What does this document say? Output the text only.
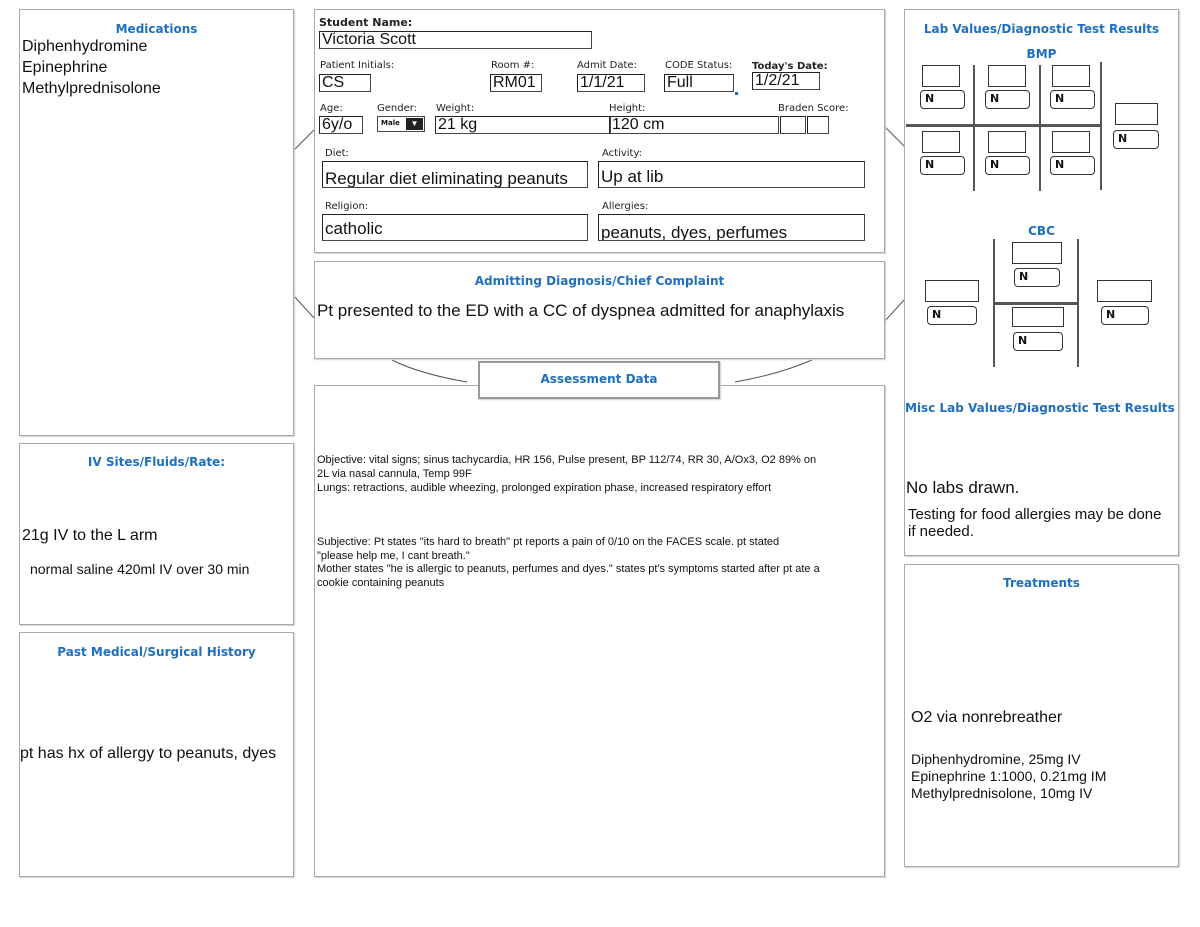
Medications
Diphenhydromine
Epinephrine
Methylprednisolone
IV Sites/Fluids/Rate:
21g IV to the L arm
normal saline 420ml IV over 30 min
Past Medical/Surgical History
pt has hx of allergy to peanuts, dyes
Student Name:
Victoria Scott
Patient Initials:
CS
Room #:
RM01
Admit Date:
1/1/21
CODE Status:
Full
Today's Date:
1/2/21
Age:
6y/o
Gender:
Male	▼
Weight:
21 kg
Height:
120 cm
Braden Score:
Diet:
Regular diet eliminating peanuts
Activity:
Up at lib
Religion:
catholic
Allergies:
peanuts, dyes, perfumes
Admitting Diagnosis/Chief Complaint
Pt presented to the ED with a CC of dyspnea admitted for anaphylaxis
Objective: vital signs; sinus tachycardia, HR 156, Pulse present, BP 112/74, RR 30, A/Ox3, O2 89% on
2L via nasal cannula, Temp 99F
Lungs: retractions, audible wheezing, prolonged expiration phase, increased respiratory effort
Subjective: Pt states "its hard to breath" pt reports a pain of 0/10 on the FACES scale. pt stated
"please help me, I cant breath."
Mother states "he is allergic to peanuts, perfumes and dyes." states pt's symptoms started after pt ate a
cookie containing peanuts
Assessment Data
Lab Values/Diagnostic Test Results
BMP
N	N	N
N	N	N
N
CBC
N
N
N
N
Misc Lab Values/Diagnostic Test Results
No labs drawn.
Testing for food allergies may be done
if needed.
Treatments
O2 via nonrebreather
Diphenhydromine, 25mg IV
Epinephrine 1:1000, 0.21mg IM
Methylprednisolone, 10mg IV
